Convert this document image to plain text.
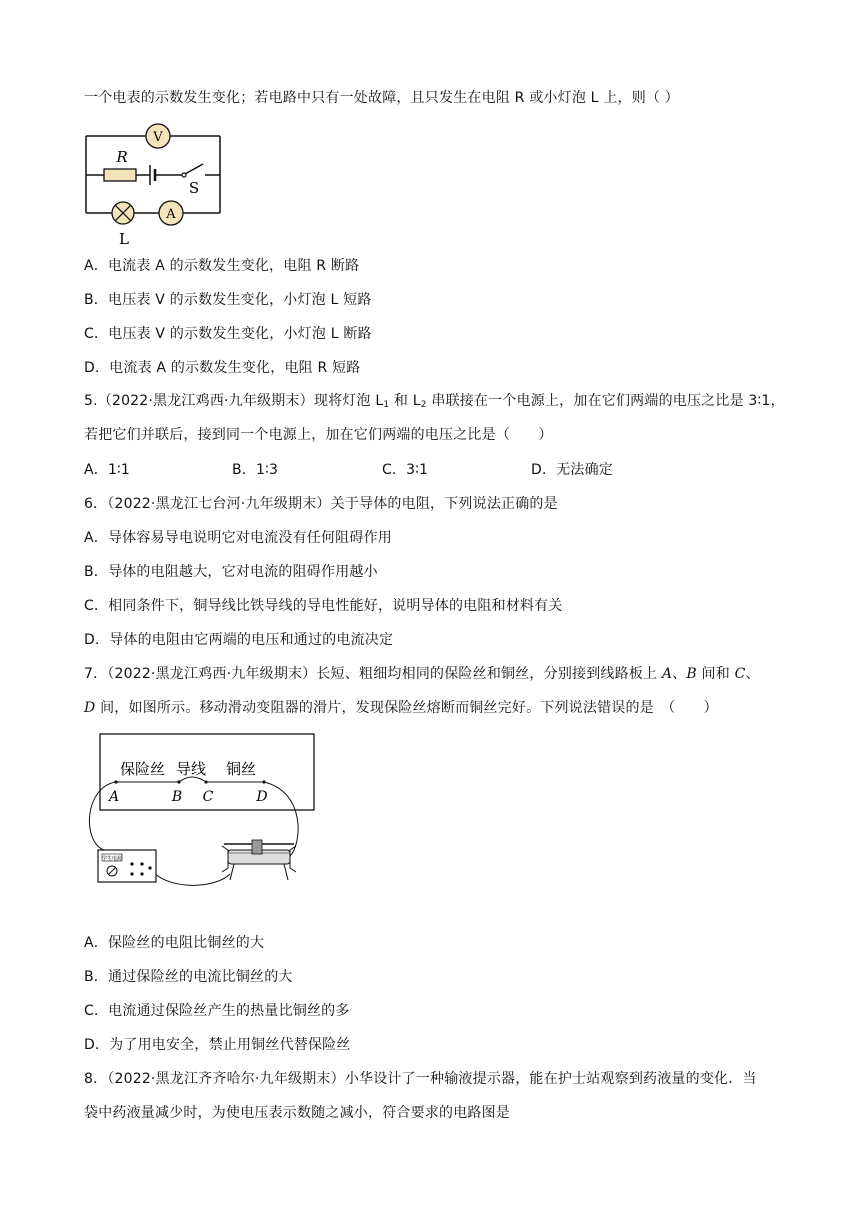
一个电表的示数发生变化；若电路中只有一处故障，且只发生在电阻 R 或小灯泡 L 上，则（ ）
R
S
V
A
L
A．电流表 A 的示数发生变化，电阻 R 断路
B．电压表 V 的示数发生变化，小灯泡 L 短路
C．电压表 V 的示数发生变化，小灯泡 L 断路
D．电流表 A 的示数发生变化，电阻 R 短路
5.（2022·黑龙江鸡西·九年级期末）现将灯泡 $L_1$ 和 $L_2$ 串联接在一个电源上，加在它们两端的电压之比是 3∶1，
若把它们并联后，接到同一个电源上，加在它们两端的电压之比是（　　）
A．1∶1	B．1∶3	C．3∶1	D．无法确定
6．（2022·黑龙江七台河·九年级期末）关于导体的电阻，下列说法正确的是
A．导体容易导电说明它对电流没有任何阻碍作用
B．导体的电阻越大，它对电流的阻碍作用越小
C．相同条件下，铜导线比铁导线的导电性能好，说明导体的电阻和材料有关
D．导体的电阻由它两端的电压和通过的电流决定
7．（2022·黑龙江鸡西·九年级期末）长短、粗细均相同的保险丝和铜丝，分别接到线路板上 A、B 间和 C、
D 间，如图所示。移动滑动变阻器的滑片，发现保险丝熔断而铜丝完好。下列说法错误的是　（　　）
保险丝 导线 铜丝
A	B C	D
学生电源
A．保险丝的电阻比铜丝的大
B．通过保险丝的电流比铜丝的大
C．电流通过保险丝产生的热量比铜丝的多
D．为了用电安全，禁止用铜丝代替保险丝
8．（2022·黑龙江齐齐哈尔·九年级期末）小华设计了一种输液提示器，能在护士站观察到药液量的变化．当
袋中药液量减少时，为使电压表示数随之减小，符合要求的电路图是
